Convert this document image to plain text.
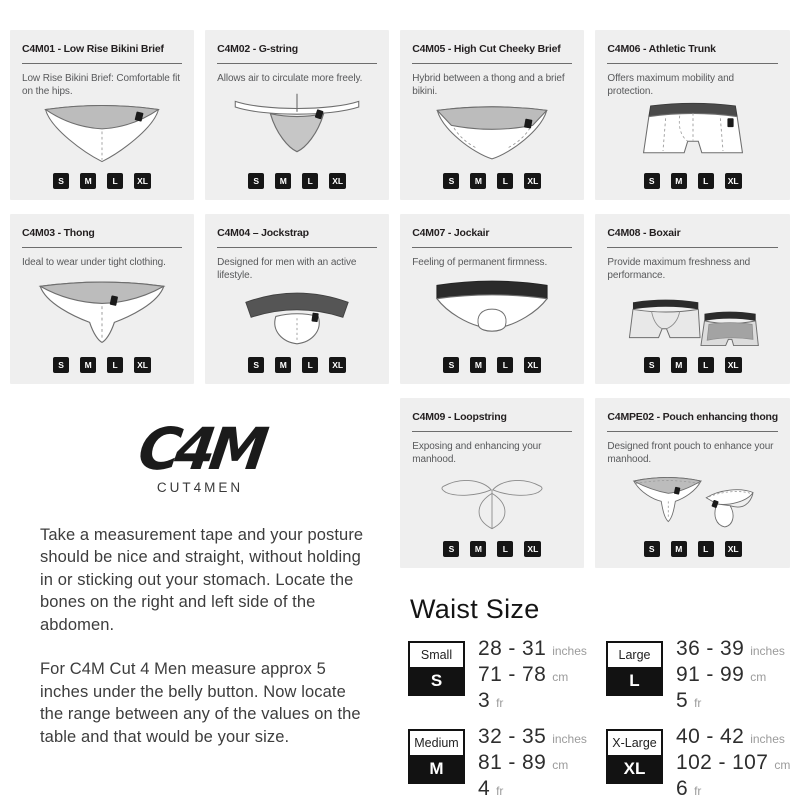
C4M01 - Low Rise Bikini Brief

Low Rise Bikini Brief: Comfortable fit on the hips.

S	M	L	XL
C4M02 - G-string

Allows air to circulate more freely.

S	M	L	XL
C4M05 - High Cut Cheeky Brief

Hybrid between a thong and a brief bikini.

S	M	L	XL
C4M06 - Athletic Trunk

Offers maximum mobility and protection.

S	M	L	XL
C4M03 - Thong

Ideal to wear under tight clothing.

S	M	L	XL
C4M04 – Jockstrap

Designed for men with an active lifestyle.

S	M	L	XL
C4M07 - Jockair

Feeling of permanent firmness.

S	M	L	XL
C4M08 - Boxair

Provide maximum freshness and performance.

S	M	L	XL
C4M09 - Loopstring

Exposing and enhancing your manhood.

S	M	L	XL
C4MPE02 - Pouch enhancing thong

Designed front pouch to enhance your manhood.

S	M	L	XL
C4M
CUT4MEN

Take a measurement tape and your posture should be nice and straight, without holding in or sticking out your stomach. Locate the bones on the right and left side of the abdomen.

For C4M Cut 4 Men measure approx 5 inches under the belly button. Now locate the range between any of the values on the table and that would be your size.

Waist Size
Small
S
28 - 31 inches
71 - 78 cm
3 fr
Large
L
36 - 39 inches
91 - 99 cm
5 fr
Medium
M
32 - 35 inches
81 - 89 cm
4 fr
X-Large
XL
40 - 42 inches
102 - 107 cm
6 fr
